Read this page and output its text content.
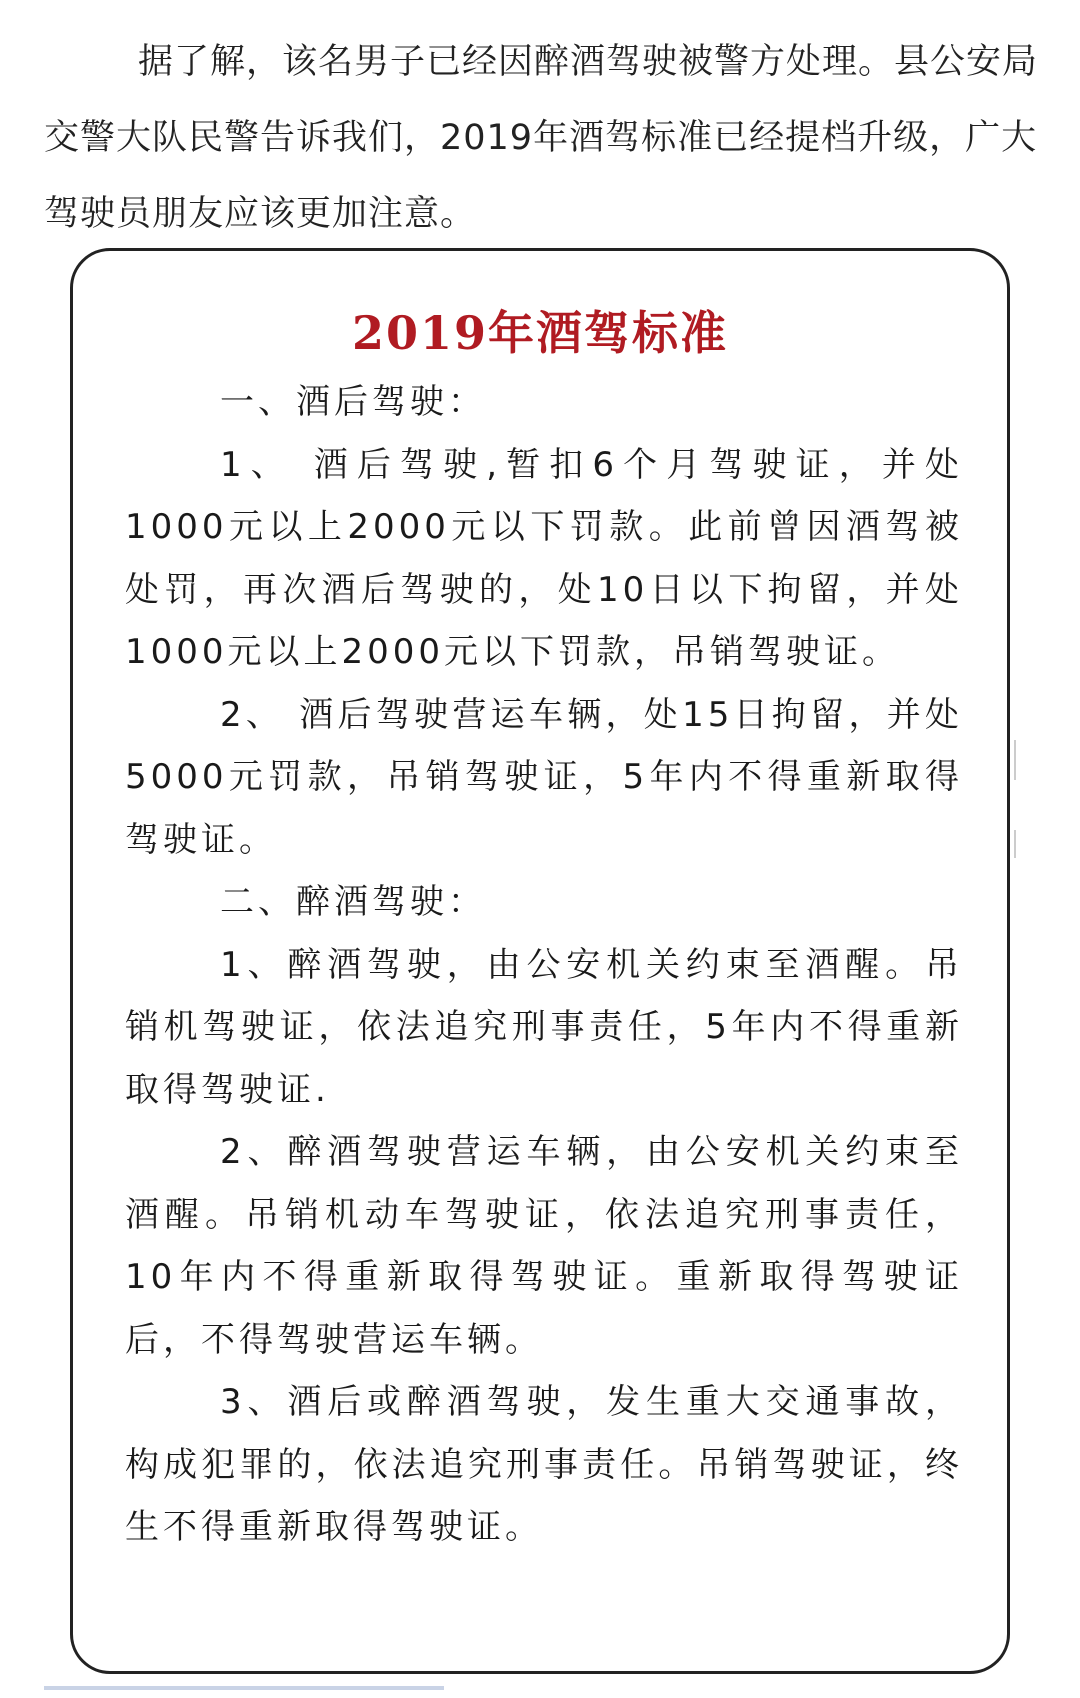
据了解，该名男子已经因醉酒驾驶被警方处理。县公安局交警大队民警告诉我们，2019年酒驾标准已经提档升级，广大驾驶员朋友应该更加注意。

2019年酒驾标准

一、酒后驾驶：

1、 酒后驾驶,暂扣6个月驾驶证，并处1000元以上2000元以下罚款。此前曾因酒驾被处罚，再次酒后驾驶的，处10日以下拘留，并处1000元以上2000元以下罚款，吊销驾驶证。

2、 酒后驾驶营运车辆，处15日拘留，并处5000元罚款，吊销驾驶证，5年内不得重新取得驾驶证。

二、醉酒驾驶：

1、醉酒驾驶，由公安机关约束至酒醒。吊销机驾驶证，依法追究刑事责任，5年内不得重新取得驾驶证.

2、醉酒驾驶营运车辆，由公安机关约束至酒醒。吊销机动车驾驶证，依法追究刑事责任，10年内不得重新取得驾驶证。重新取得驾驶证后，不得驾驶营运车辆。

3、酒后或醉酒驾驶，发生重大交通事故，构成犯罪的，依法追究刑事责任。吊销驾驶证，终生不得重新取得驾驶证。
